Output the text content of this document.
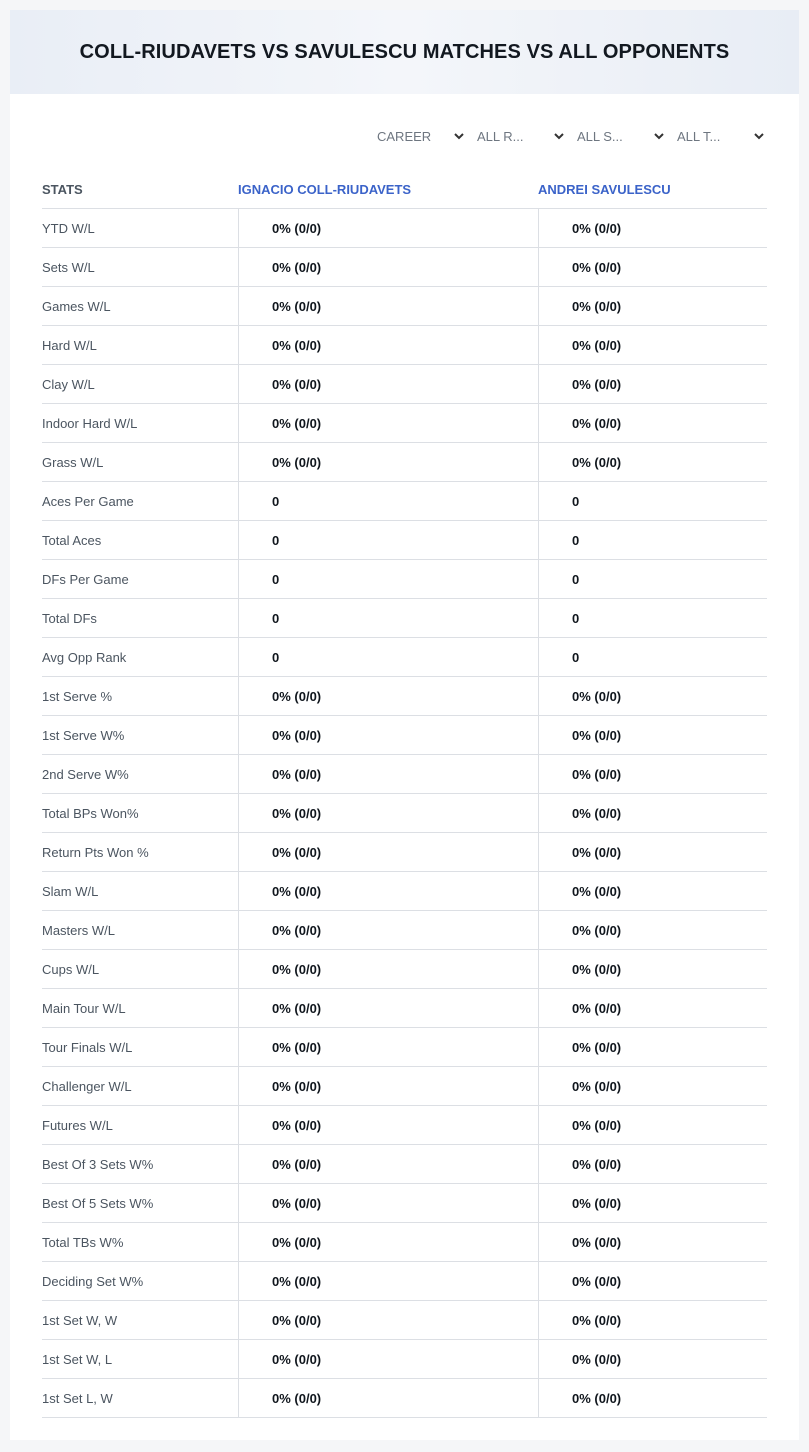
COLL-RIUDAVETS VS SAVULESCU MATCHES VS ALL OPPONENTS
CAREER	ALL R...	ALL S...	ALL T...
STATS	IGNACIO COLL-RIUDAVETS	ANDREI SAVULESCU
YTD W/L	0% (0/0)	0% (0/0)
Sets W/L	0% (0/0)	0% (0/0)
Games W/L	0% (0/0)	0% (0/0)
Hard W/L	0% (0/0)	0% (0/0)
Clay W/L	0% (0/0)	0% (0/0)
Indoor Hard W/L	0% (0/0)	0% (0/0)
Grass W/L	0% (0/0)	0% (0/0)
Aces Per Game	0	0
Total Aces	0	0
DFs Per Game	0	0
Total DFs	0	0
Avg Opp Rank	0	0
1st Serve %	0% (0/0)	0% (0/0)
1st Serve W%	0% (0/0)	0% (0/0)
2nd Serve W%	0% (0/0)	0% (0/0)
Total BPs Won%	0% (0/0)	0% (0/0)
Return Pts Won %	0% (0/0)	0% (0/0)
Slam W/L	0% (0/0)	0% (0/0)
Masters W/L	0% (0/0)	0% (0/0)
Cups W/L	0% (0/0)	0% (0/0)
Main Tour W/L	0% (0/0)	0% (0/0)
Tour Finals W/L	0% (0/0)	0% (0/0)
Challenger W/L	0% (0/0)	0% (0/0)
Futures W/L	0% (0/0)	0% (0/0)
Best Of 3 Sets W%	0% (0/0)	0% (0/0)
Best Of 5 Sets W%	0% (0/0)	0% (0/0)
Total TBs W%	0% (0/0)	0% (0/0)
Deciding Set W%	0% (0/0)	0% (0/0)
1st Set W, W	0% (0/0)	0% (0/0)
1st Set W, L	0% (0/0)	0% (0/0)
1st Set L, W	0% (0/0)	0% (0/0)
